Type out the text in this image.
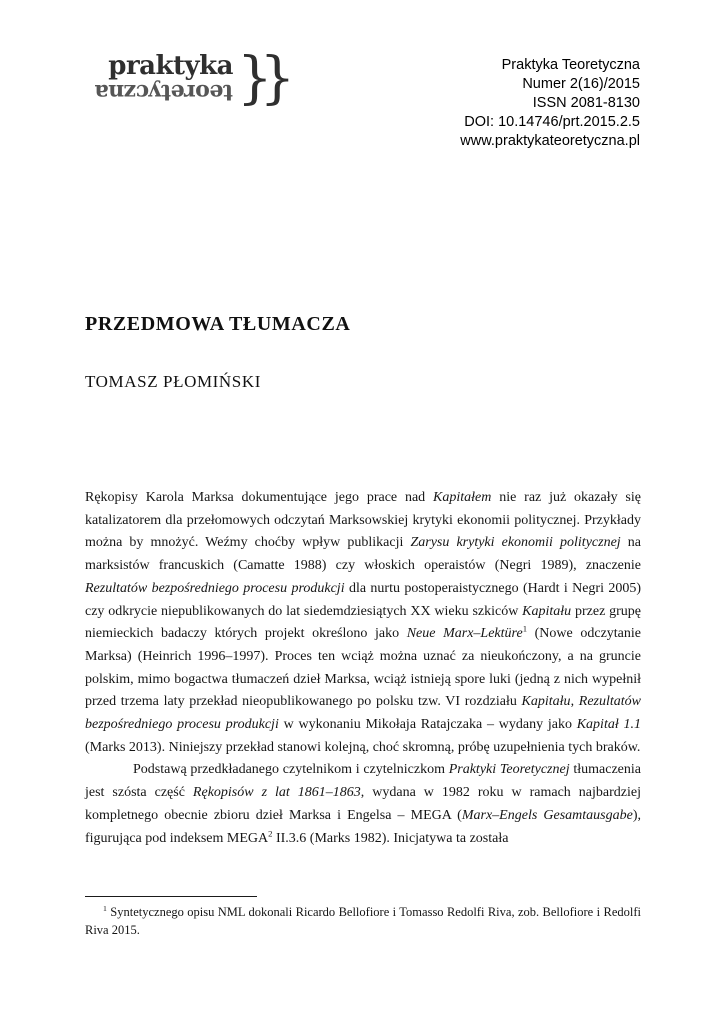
praktyka
teoretyczna }}	Praktyka Teoretyczna
Numer 2(16)/2015
ISSN 2081-8130
DOI: 10.14746/prt.2015.2.5
www.praktykateoretyczna.pl
PRZEDMOWA TŁUMACZA
TOMASZ PŁOMIŃSKI

Rękopisy Karola Marksa dokumentujące jego prace nad Kapitałem nie raz już okazały się katalizatorem dla przełomowych odczytań Marksowskiej krytyki ekonomii politycznej. Przykłady można by mnożyć. Weźmy choćby wpływ publikacji Zarysu krytyki ekonomii politycznej na marksistów francuskich (Camatte 1988) czy włoskich operaistów (Negri 1989), znaczenie Rezultatów bezpośredniego procesu produkcji dla nurtu postoperaistycznego (Hardt i Negri 2005) czy odkrycie niepublikowanych do lat siedemdziesiątych XX wieku szkiców Kapitału przez grupę niemieckich badaczy których projekt określono jako Neue Marx–Lektüre$^1$ (Nowe odczytanie Marksa) (Heinrich 1996–1997). Proces ten wciąż można uznać za nieukończony, a na gruncie polskim, mimo bogactwa tłumaczeń dzieł Marksa, wciąż istnieją spore luki (jedną z nich wypełnił przed trzema laty przekład nieopublikowanego po polsku tzw. VI rozdziału Kapitału, Rezultatów bezpośredniego procesu produkcji w wykonaniu Mikołaja Ratajczaka – wydany jako Kapitał 1.1 (Marks 2013). Niniejszy przekład stanowi kolejną, choć skromną, próbę uzupełnienia tych braków.

Podstawą przedkładanego czytelnikom i czytelniczkom Praktyki Teoretycznej tłumaczenia jest szósta część Rękopisów z lat 1861–1863, wydana w 1982 roku w ramach najbardziej kompletnego obecnie zbioru dzieł Marksa i Engelsa – MEGA (Marx–Engels Gesamtausgabe), figurująca pod indeksem MEGA$^2$ II.3.6 (Marks 1982). Inicjatywa ta została

$^1$ Syntetycznego opisu NML dokonali Ricardo Bellofiore i Tomasso Redolfi Riva, zob. Bellofiore i Redolfi Riva 2015.
